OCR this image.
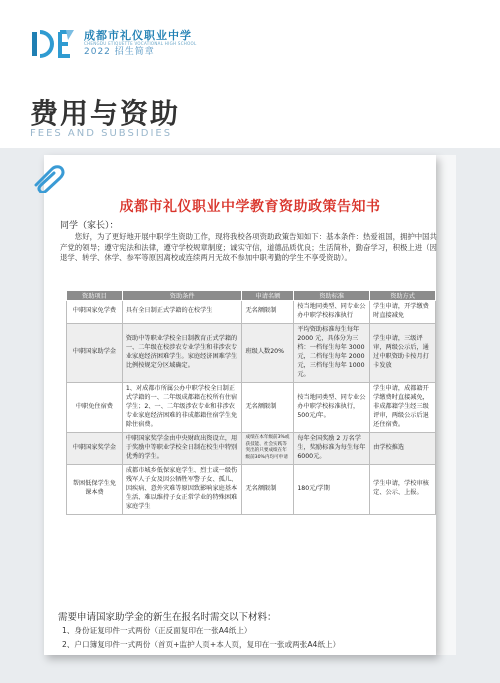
成都市礼仪职业中学
CHENGDU ETIQUETTE VOCATIONAL HIGH SCHOOL
2022 招生简章
费用与资助
FEES AND SUBSIDIES
成都市礼仪职业中学教育资助政策告知书
同学（家长）：
您好，为了更好地开展中职学生资助工作，现将我校各项资助政策告知如下：基本条件：热爱祖国，拥护中国共产党的领导；遵守宪法和法律，遵守学校规章制度；诚实守信，道德品质优良；生活简朴，勤奋学习，积极上进（因退学、转学、休学、参军等原因离校或连续两月无故不参加中职考勤的学生不享受资助）。
资助项目	资助条件	申请名额	资助标准	资助方式
中职国家免学费	具有全日制正式学籍的在校学生	无名额限制	按当地同类型、同专业公办中职学校标准执行	学生申请，开学缴费时直接减免
中职国家助学金	资助中等职业学校全日制教育正式学籍的一、二年级在校涉农专业学生和非涉农专业家庭经济困难学生。家庭经济困难学生比例按规定分区域确定。	班级人数20%	平均资助标准每生每年 2000 元，具体分为三档：一档每生每年 3000 元，二档每生每年 2000 元，三档每生每年 1000 元。	学生申请，三级评审，两级公示后，通过中职资助卡按月打卡发放
中职免住宿费	1、对成都市所属公办中职学校全日制正式学籍的一、二年级成都籍在校所有住宿学生；2、一、二年级涉农专业和非涉农专业家庭经济困难的非成都籍住宿学生免除住宿费。	无名额限制	按当地同类型、同专业公办中职学校标准执行，500元/年。	学生申请，成都籍开学缴费时直接减免，非成都籍学生经三级评审，两级公示后退还住宿费。
中职国家奖学金	中职国家奖学金由中央财政出资设立，用于奖励中等职业学校全日制在校生中特别优秀的学生。	成绩在本年级前3%或获技能、社会实践等突出的只要成绩在年级前30%内均可申请	每年全国奖励 2 万名学生，奖励标准为每生每年6000元。	由学校推选
帮困低保学生免课本费	成都市城乡低保家庭学生、烈士或一级伤残军人子女及因公牺牲军警子女、孤儿、因疾病、意外灾难等原因致影响家庭基本生活、难以维持子女正常学业的特殊困难家庭学生	无名额限制	180元/学期	学生申请，学校审核定、公示、上报。
需要申请国家助学金的新生在报名时需交以下材料：
1、身份证复印件一式两份（正反面复印在一张A4纸上）
2、户口簿复印件一式两份（首页+监护人页+本人页，复印在一张或两张A4纸上）
